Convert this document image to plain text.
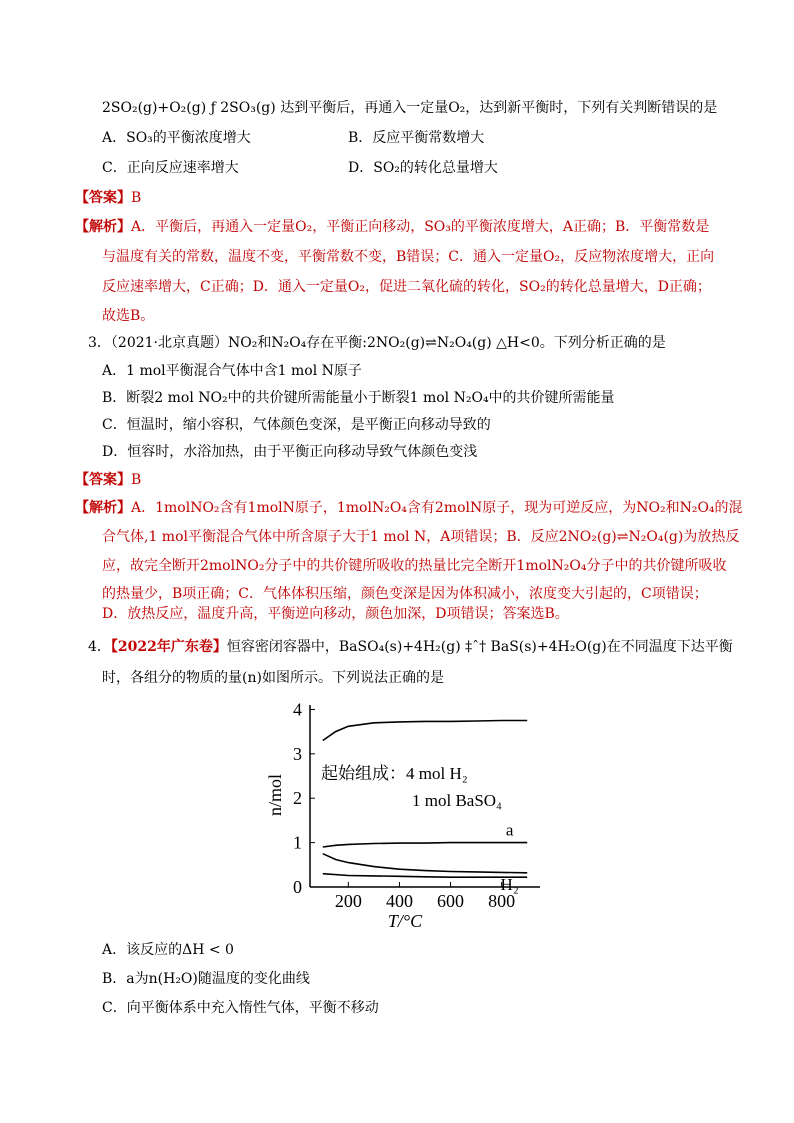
2SO₂(g)+O₂(g) ƒ 2SO₃(g) 达到平衡后，再通入一定量O₂，达到新平衡时，下列有关判断错误的是
A．SO₃的平衡浓度增大	B．反应平衡常数增大
C．正向反应速率增大	D．SO₂的转化总量增大
【答案】B
【解析】A．平衡后，再通入一定量O₂，平衡正向移动，SO₃的平衡浓度增大，A正确；B．平衡常数是
与温度有关的常数，温度不变，平衡常数不变，B错误；C．通入一定量O₂，反应物浓度增大，正向
反应速率增大，C正确；D．通入一定量O₂，促进二氧化硫的转化，SO₂的转化总量增大，D正确；
故选B。
3．（2021·北京真题）NO₂和N₂O₄存在平衡:2NO₂(g)⇌N₂O₄(g) △H<0。下列分析正确的是
A．1 mol平衡混合气体中含1 mol N原子
B．断裂2 mol NO₂中的共价键所需能量小于断裂1 mol N₂O₄中的共价键所需能量
C．恒温时，缩小容积，气体颜色变深，是平衡正向移动导致的
D．恒容时，水浴加热，由于平衡正向移动导致气体颜色变浅
【答案】B
【解析】A．1molNO₂含有1molN原子，1molN₂O₄含有2molN原子，现为可逆反应，为NO₂和N₂O₄的混
合气体,1 mol平衡混合气体中所含原子大于1 mol N，A项错误；B．反应2NO₂(g)⇌N₂O₄(g)为放热反
应，故完全断开2molNO₂分子中的共价键所吸收的热量比完全断开1molN₂O₄分子中的共价键所吸收
的热量少，B项正确；C．气体体积压缩，颜色变深是因为体积减小，浓度变大引起的，C项错误；
D．放热反应，温度升高，平衡逆向移动，颜色加深，D项错误；答案选B。
4．【2022年广东卷】恒容密闭容器中，BaSO₄(s)+4H₂(g) ‡ˆ† BaS(s)+4H₂O(g)在不同温度下达平衡
时，各组分的物质的量(n)如图所示。下列说法正确的是
200 400 600 800
0
1
2
3
4
a
H₂
n/mol
T/°C
起始组成：4 mol H₂
1 mol BaSO₄
A．该反应的ΔH < 0
B．a为n(H₂O)随温度的变化曲线
C．向平衡体系中充入惰性气体，平衡不移动
